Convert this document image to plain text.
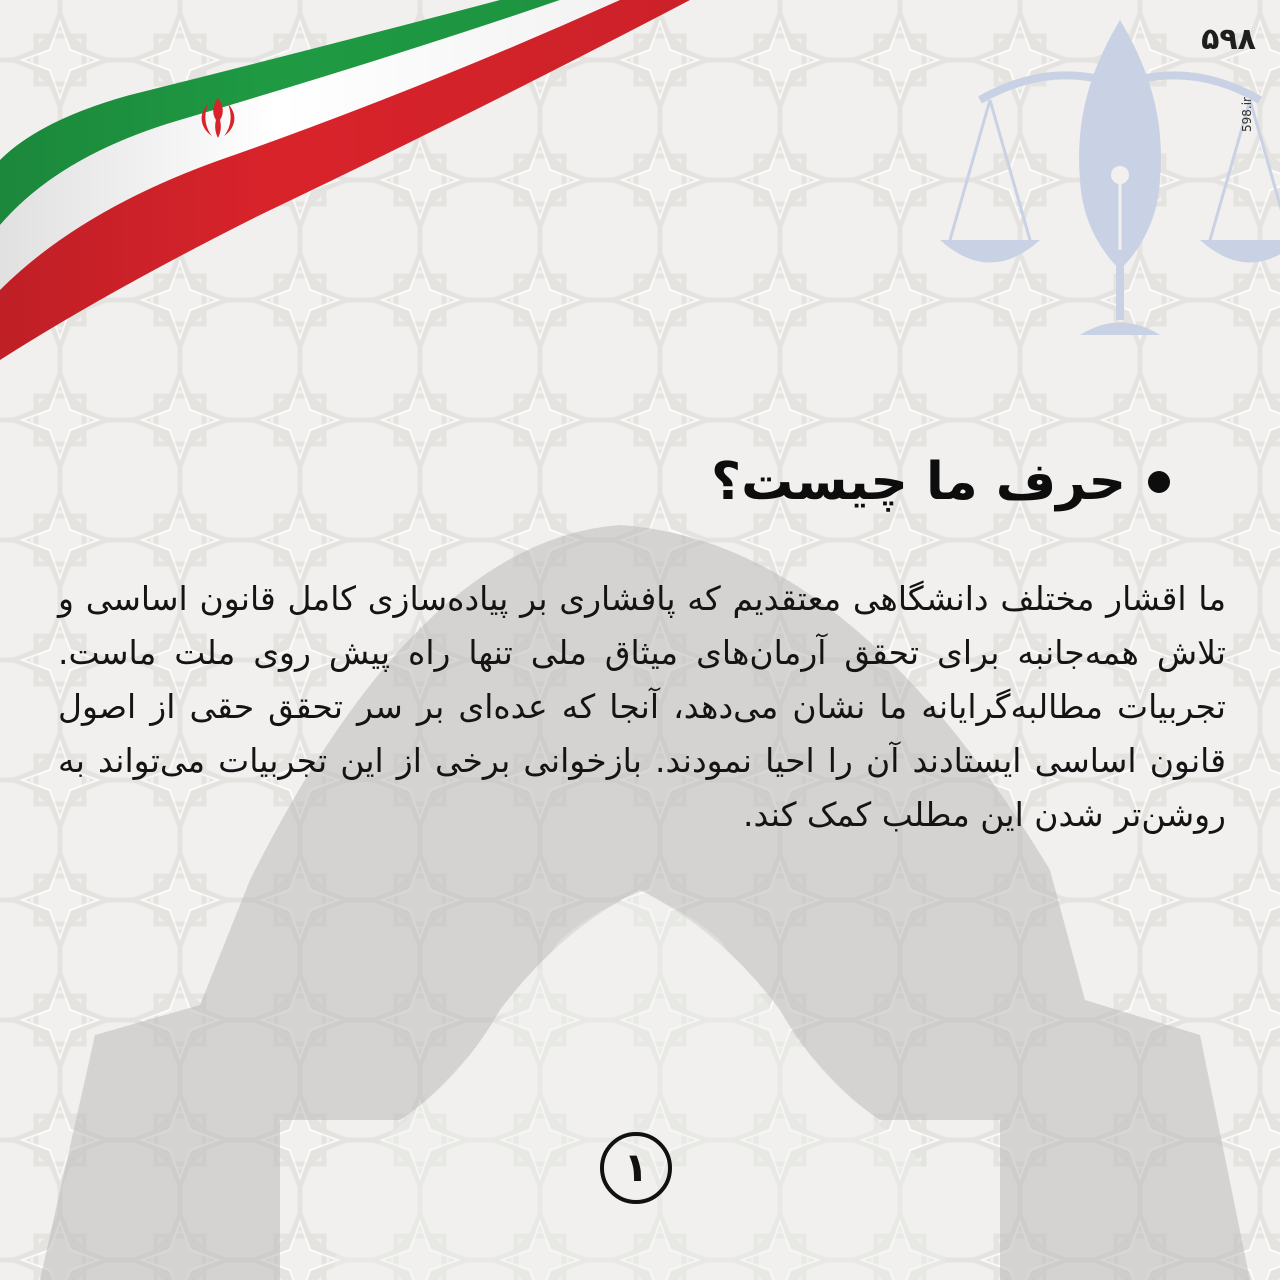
۵۹۸
598.ir
حرف ما چیست؟

ما اقشار مختلف دانشگاهی معتقدیم که پافشاری بر پیاده‌سازی کامل قانون اساسی و تلاش همه‌جانبه برای تحقق آرمان‌های میثاق ملی تنها راه پیش روی ملت ماست. تجربیات مطالبه‌گرایانه ما نشان می‌دهد، آنجا که عده‌ای بر سر تحقق حقی از اصول قانون اساسی ایستادند آن را احیا نمودند. بازخوانی برخی از این تجربیات می‌تواند به روشن‌تر شدن این مطلب کمک کند.

۱
